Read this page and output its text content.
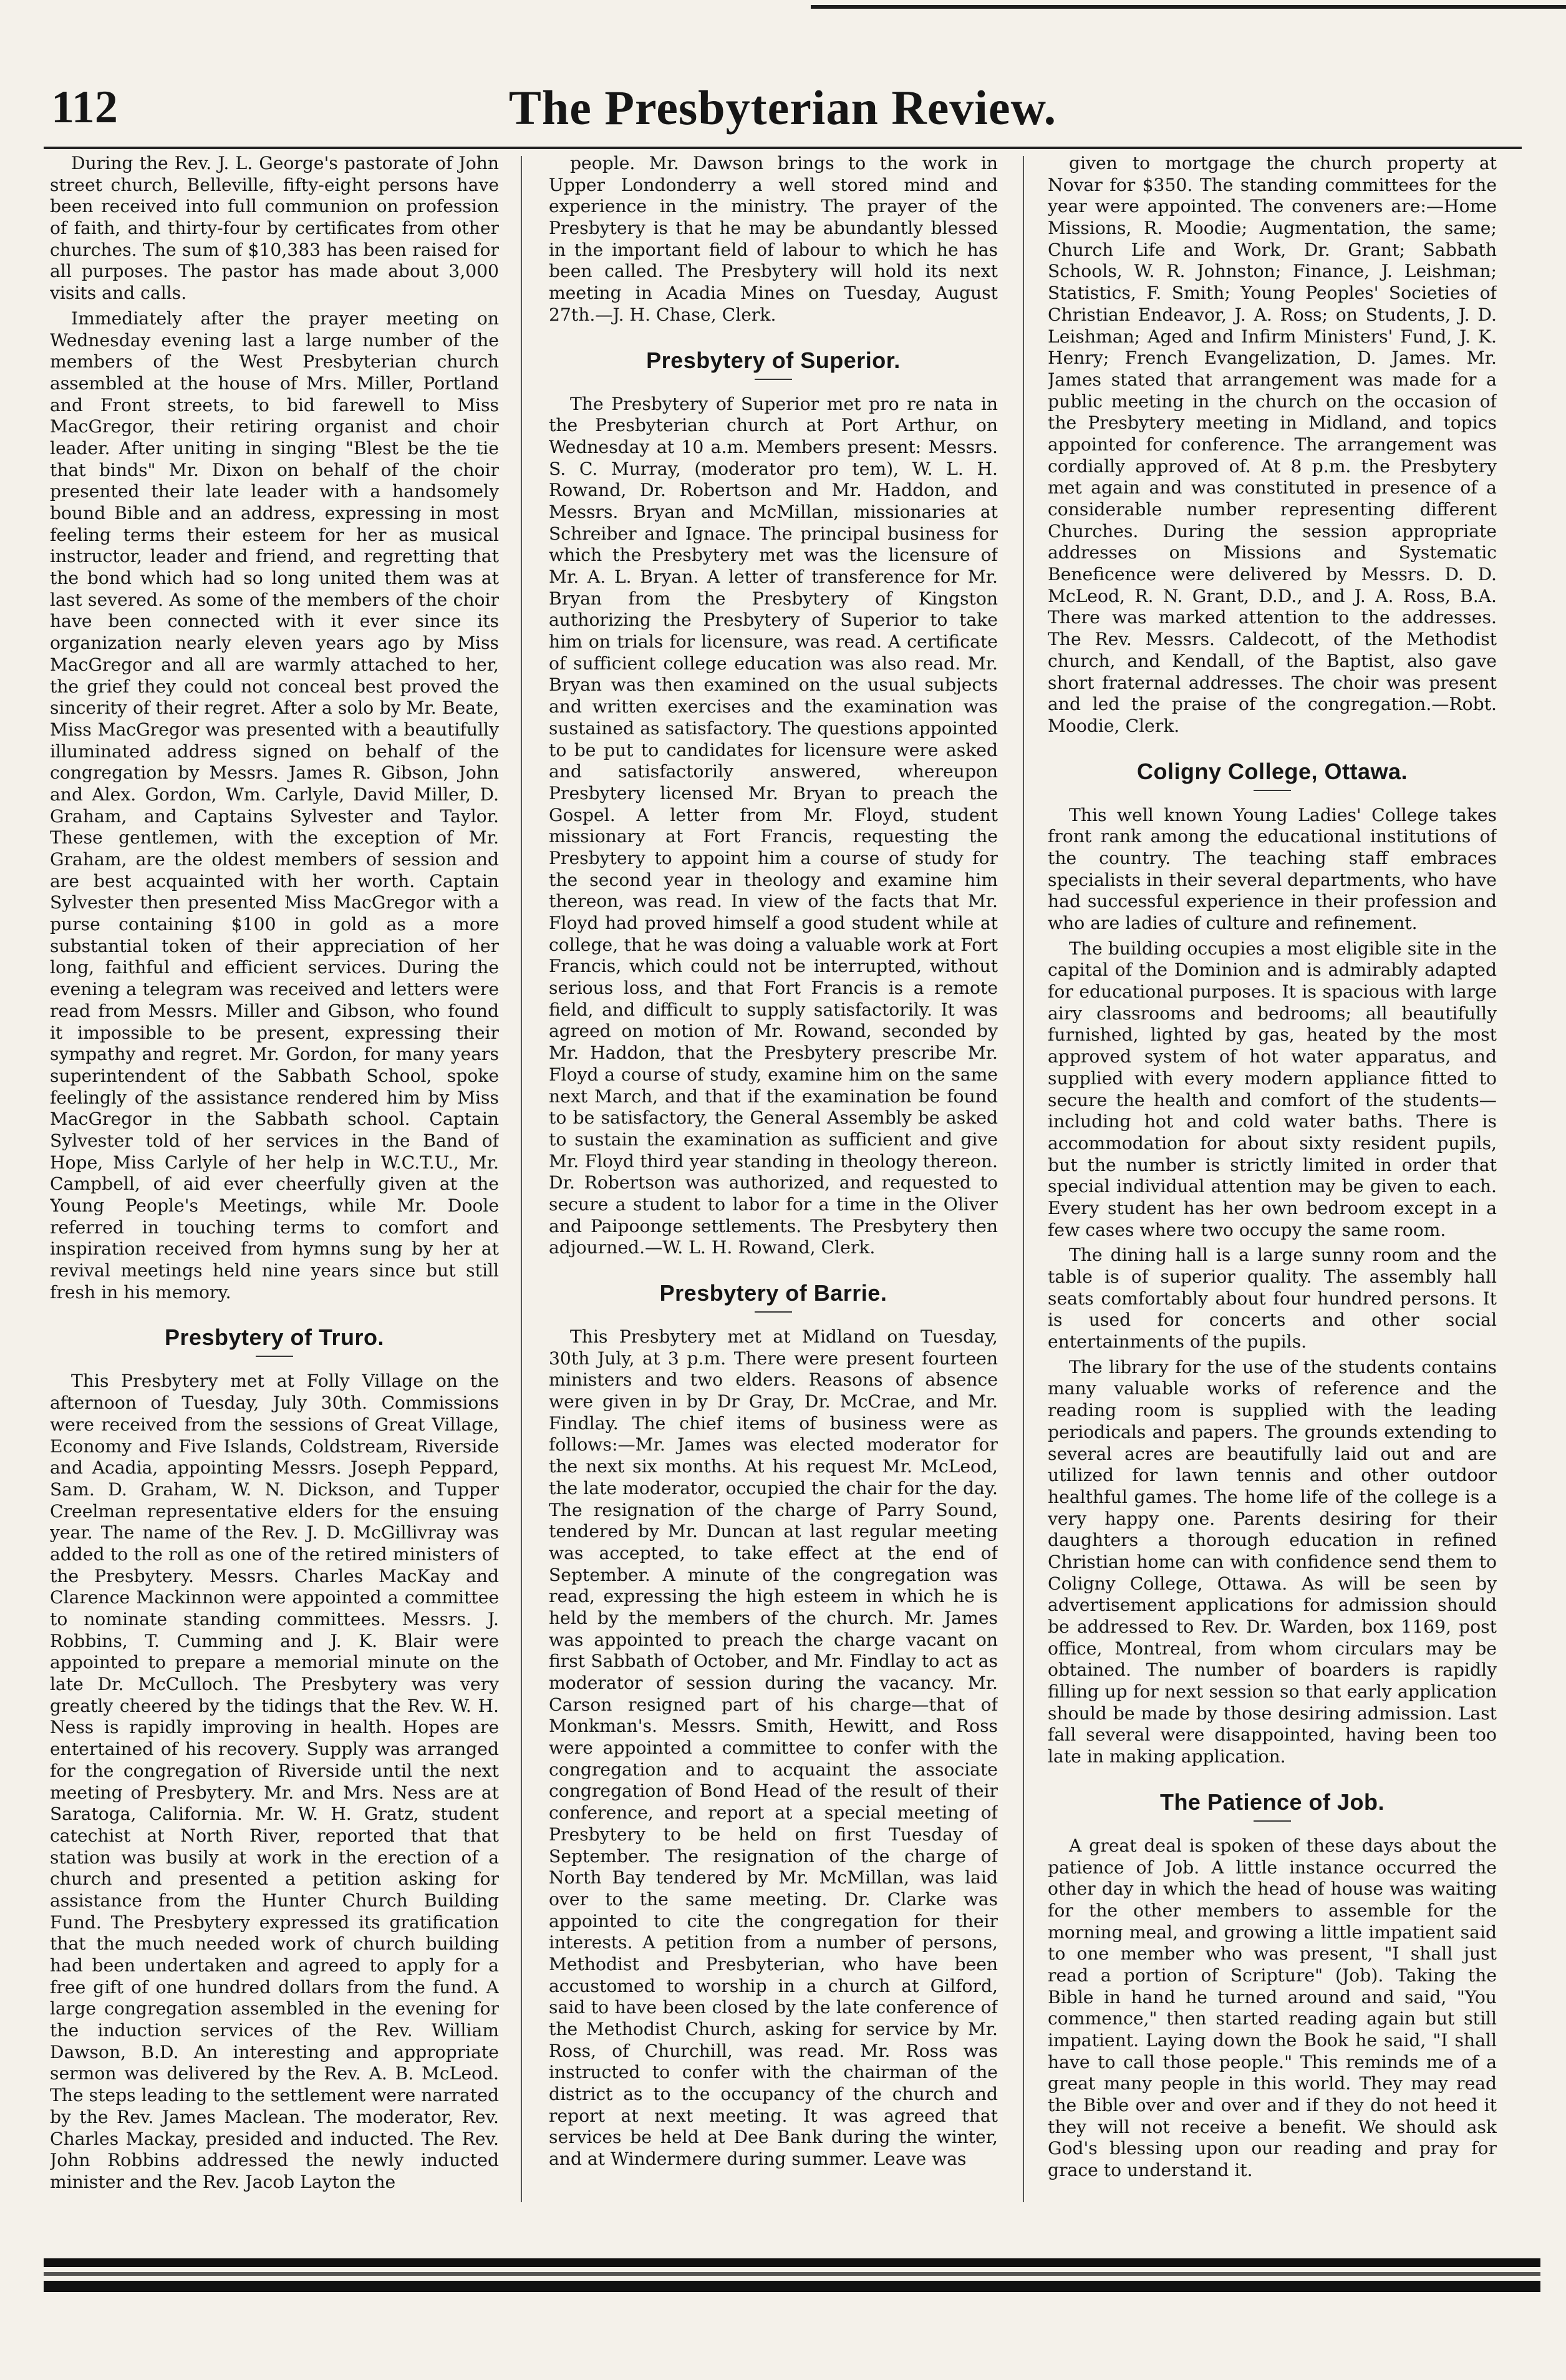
112	The Presbyterian Review.

During the Rev. J. L. George's pastorate of John street church, Belleville, fifty-eight persons have been received into full communion on profession of faith, and thirty-four by certificates from other churches. The sum of $10,383 has been raised for all purposes. The pastor has made about 3,000 visits and calls.

Immediately after the prayer meeting on Wednesday evening last a large number of the members of the West Presbyterian church assembled at the house of Mrs. Miller, Portland and Front streets, to bid farewell to Miss MacGregor, their retiring organist and choir leader. After uniting in singing "Blest be the tie that binds" Mr. Dixon on behalf of the choir presented their late leader with a handsomely bound Bible and an address, expressing in most feeling terms their esteem for her as musical instructor, leader and friend, and regretting that the bond which had so long united them was at last severed. As some of the members of the choir have been connected with it ever since its organization nearly eleven years ago by Miss MacGregor and all are warmly attached to her, the grief they could not conceal best proved the sincerity of their regret. After a solo by Mr. Beate, Miss MacGregor was presented with a beautifully illuminated address signed on behalf of the congregation by Messrs. James R. Gibson, John and Alex. Gordon, Wm. Carlyle, David Miller, D. Graham, and Captains Sylvester and Taylor. These gentlemen, with the exception of Mr. Graham, are the oldest members of session and are best acquainted with her worth. Captain Sylvester then presented Miss MacGregor with a purse containing $100 in gold as a more substantial token of their appreciation of her long, faithful and efficient services. During the evening a telegram was received and letters were read from Messrs. Miller and Gibson, who found it impossible to be present, expressing their sympathy and regret. Mr. Gordon, for many years superintendent of the Sabbath School, spoke feelingly of the assistance rendered him by Miss MacGregor in the Sabbath school. Captain Sylvester told of her services in the Band of Hope, Miss Carlyle of her help in W.C.T.U., Mr. Campbell, of aid ever cheerfully given at the Young People's Meetings, while Mr. Doole referred in touching terms to comfort and inspiration received from hymns sung by her at revival meetings held nine years since but still fresh in his memory.

Presbytery of Truro.

This Presbytery met at Folly Village on the afternoon of Tuesday, July 30th. Commissions were received from the sessions of Great Village, Economy and Five Islands, Coldstream, Riverside and Acadia, appointing Messrs. Joseph Peppard, Sam. D. Graham, W. N. Dickson, and Tupper Creelman representative elders for the ensuing year. The name of the Rev. J. D. McGillivray was added to the roll as one of the retired ministers of the Presbytery. Messrs. Charles MacKay and Clarence Mackinnon were appointed a committee to nominate standing committees. Messrs. J. Robbins, T. Cumming and J. K. Blair were appointed to prepare a memorial minute on the late Dr. McCulloch. The Presbytery was very greatly cheered by the tidings that the Rev. W. H. Ness is rapidly improving in health. Hopes are entertained of his recovery. Supply was arranged for the congregation of Riverside until the next meeting of Presbytery. Mr. and Mrs. Ness are at Saratoga, California. Mr. W. H. Gratz, student catechist at North River, reported that that station was busily at work in the erection of a church and presented a petition asking for assistance from the Hunter Church Building Fund. The Presbytery expressed its gratification that the much needed work of church building had been undertaken and agreed to apply for a free gift of one hundred dollars from the fund. A large congregation assembled in the evening for the induction services of the Rev. William Dawson, B.D. An interesting and appropriate sermon was delivered by the Rev. A. B. McLeod. The steps leading to the settlement were narrated by the Rev. James Maclean. The moderator, Rev. Charles Mackay, presided and inducted. The Rev. John Robbins addressed the newly inducted minister and the Rev. Jacob Layton the

people. Mr. Dawson brings to the work in Upper Londonderry a well stored mind and experience in the ministry. The prayer of the Presbytery is that he may be abundantly blessed in the important field of labour to which he has been called. The Presbytery will hold its next meeting in Acadia Mines on Tuesday, August 27th.—J. H. Chase, Clerk.

Presbytery of Superior.

The Presbytery of Superior met pro re nata in the Presbyterian church at Port Arthur, on Wednesday at 10 a.m. Members present: Messrs. S. C. Murray, (moderator pro tem), W. L. H. Rowand, Dr. Robertson and Mr. Haddon, and Messrs. Bryan and McMillan, missionaries at Schreiber and Ignace. The principal business for which the Presbytery met was the licensure of Mr. A. L. Bryan. A letter of transference for Mr. Bryan from the Presbytery of Kingston authorizing the Presbytery of Superior to take him on trials for licensure, was read. A certificate of sufficient college education was also read. Mr. Bryan was then examined on the usual subjects and written exercises and the examination was sustained as satisfactory. The questions appointed to be put to candidates for licensure were asked and satisfactorily answered, whereupon Presbytery licensed Mr. Bryan to preach the Gospel. A letter from Mr. Floyd, student missionary at Fort Francis, requesting the Presbytery to appoint him a course of study for the second year in theology and examine him thereon, was read. In view of the facts that Mr. Floyd had proved himself a good student while at college, that he was doing a valuable work at Fort Francis, which could not be interrupted, without serious loss, and that Fort Francis is a remote field, and difficult to supply satisfactorily. It was agreed on motion of Mr. Rowand, seconded by Mr. Haddon, that the Presbytery prescribe Mr. Floyd a course of study, examine him on the same next March, and that if the examination be found to be satisfactory, the General Assembly be asked to sustain the examination as sufficient and give Mr. Floyd third year standing in theology thereon. Dr. Robertson was authorized, and requested to secure a student to labor for a time in the Oliver and Paipoonge settlements. The Presbytery then adjourned.—W. L. H. Rowand, Clerk.

Presbytery of Barrie.

This Presbytery met at Midland on Tuesday, 30th July, at 3 p.m. There were present fourteen ministers and two elders. Reasons of absence were given in by Dr Gray, Dr. McCrae, and Mr. Findlay. The chief items of business were as follows:—Mr. James was elected moderator for the next six months. At his request Mr. McLeod, the late moderator, occupied the chair for the day. The resignation of the charge of Parry Sound, tendered by Mr. Duncan at last regular meeting was accepted, to take effect at the end of September. A minute of the congregation was read, expressing the high esteem in which he is held by the members of the church. Mr. James was appointed to preach the charge vacant on first Sabbath of October, and Mr. Findlay to act as moderator of session during the vacancy. Mr. Carson resigned part of his charge—that of Monkman's. Messrs. Smith, Hewitt, and Ross were appointed a committee to confer with the congregation and to acquaint the associate congregation of Bond Head of the result of their conference, and report at a special meeting of Presbytery to be held on first Tuesday of September. The resignation of the charge of North Bay tendered by Mr. McMillan, was laid over to the same meeting. Dr. Clarke was appointed to cite the congregation for their interests. A petition from a number of persons, Methodist and Presbyterian, who have been accustomed to worship in a church at Gilford, said to have been closed by the late conference of the Methodist Church, asking for service by Mr. Ross, of Churchill, was read. Mr. Ross was instructed to confer with the chairman of the district as to the occupancy of the church and report at next meeting. It was agreed that services be held at Dee Bank during the winter, and at Windermere during summer. Leave was

given to mortgage the church property at Novar for $350. The standing committees for the year were appointed. The conveners are:—Home Missions, R. Moodie; Augmentation, the same; Church Life and Work, Dr. Grant; Sabbath Schools, W. R. Johnston; Finance, J. Leishman; Statistics, F. Smith; Young Peoples' Societies of Christian Endeavor, J. A. Ross; on Students, J. D. Leishman; Aged and Infirm Ministers' Fund, J. K. Henry; French Evangelization, D. James. Mr. James stated that arrangement was made for a public meeting in the church on the occasion of the Presbytery meeting in Midland, and topics appointed for conference. The arrangement was cordially approved of. At 8 p.m. the Presbytery met again and was constituted in presence of a considerable number representing different Churches. During the session appropriate addresses on Missions and Systematic Beneficence were delivered by Messrs. D. D. McLeod, R. N. Grant, D.D., and J. A. Ross, B.A. There was marked attention to the addresses. The Rev. Messrs. Caldecott, of the Methodist church, and Kendall, of the Baptist, also gave short fraternal addresses. The choir was present and led the praise of the congregation.—Robt. Moodie, Clerk.

Coligny College, Ottawa.

This well known Young Ladies' College takes front rank among the educational institutions of the country. The teaching staff embraces specialists in their several departments, who have had successful experience in their profession and who are ladies of culture and refinement.

The building occupies a most eligible site in the capital of the Dominion and is admirably adapted for educational purposes. It is spacious with large airy classrooms and bedrooms; all beautifully furnished, lighted by gas, heated by the most approved system of hot water apparatus, and supplied with every modern appliance fitted to secure the health and comfort of the students—including hot and cold water baths. There is accommodation for about sixty resident pupils, but the number is strictly limited in order that special individual attention may be given to each. Every student has her own bedroom except in a few cases where two occupy the same room.

The dining hall is a large sunny room and the table is of superior quality. The assembly hall seats comfortably about four hundred persons. It is used for concerts and other social entertainments of the pupils.

The library for the use of the students contains many valuable works of reference and the reading room is supplied with the leading periodicals and papers. The grounds extending to several acres are beautifully laid out and are utilized for lawn tennis and other outdoor healthful games. The home life of the college is a very happy one. Parents desiring for their daughters a thorough education in refined Christian home can with confidence send them to Coligny College, Ottawa. As will be seen by advertisement applications for admission should be addressed to Rev. Dr. Warden, box 1169, post office, Montreal, from whom circulars may be obtained. The number of boarders is rapidly filling up for next session so that early application should be made by those desiring admission. Last fall several were disappointed, having been too late in making application.

The Patience of Job.

A great deal is spoken of these days about the patience of Job. A little instance occurred the other day in which the head of house was waiting for the other members to assemble for the morning meal, and growing a little impatient said to one member who was present, "I shall just read a portion of Scripture" (Job). Taking the Bible in hand he turned around and said, "You commence," then started reading again but still impatient. Laying down the Book he said, "I shall have to call those people." This reminds me of a great many people in this world. They may read the Bible over and over and if they do not heed it they will not receive a benefit. We should ask God's blessing upon our reading and pray for grace to understand it.
